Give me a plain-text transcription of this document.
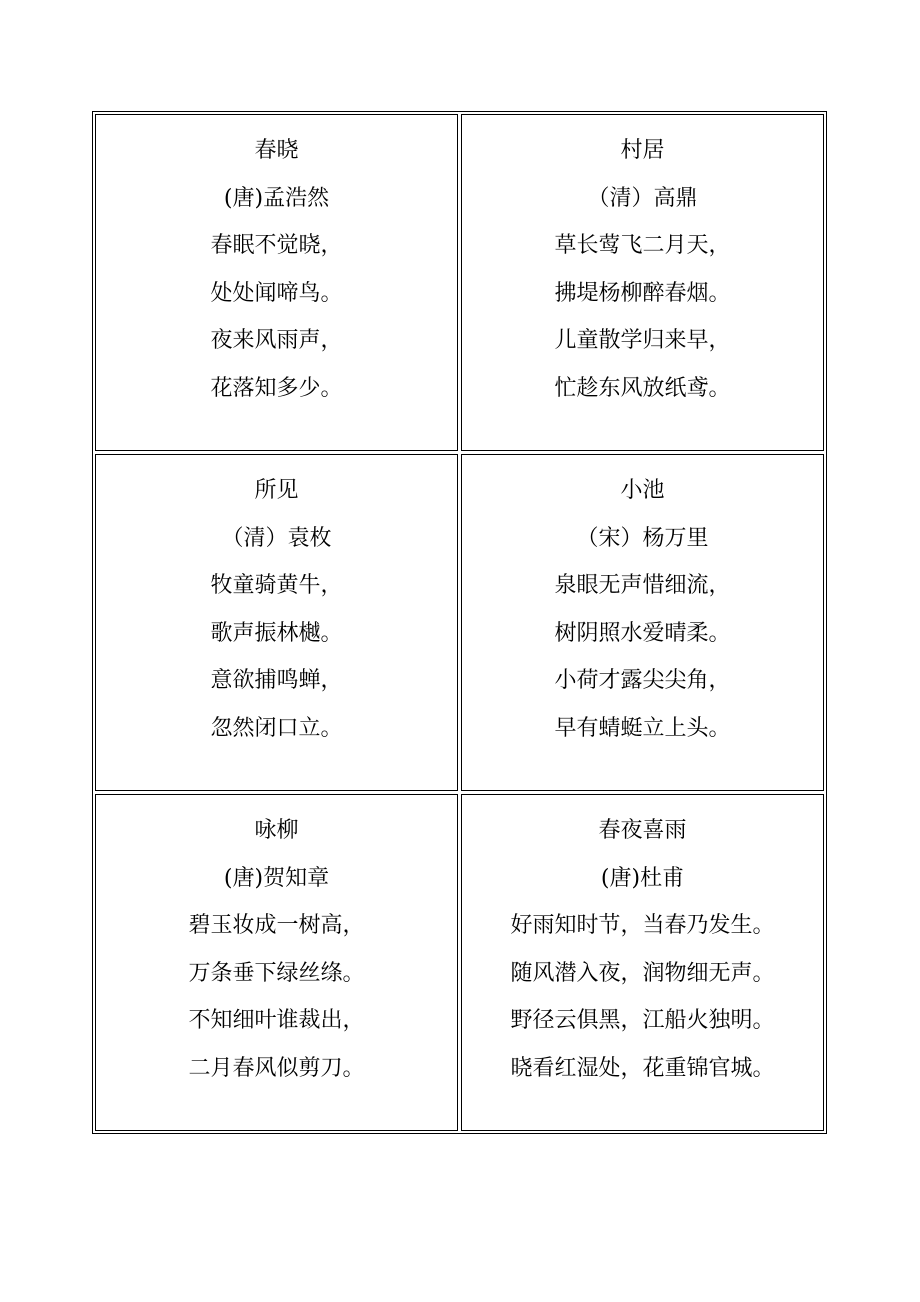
春晓
(唐)孟浩然
春眠不觉晓，
处处闻啼鸟。
夜来风雨声，
花落知多少。
村居
（清）高鼎
草长莺飞二月天，
拂堤杨柳醉春烟。
儿童散学归来早，
忙趁东风放纸鸢。
所见
（清）袁枚
牧童骑黄牛，
歌声振林樾。
意欲捕鸣蝉，
忽然闭口立。
小池
（宋）杨万里
泉眼无声惜细流，
树阴照水爱晴柔。
小荷才露尖尖角，
早有蜻蜓立上头。
咏柳
(唐)贺知章
碧玉妆成一树高，
万条垂下绿丝绦。
不知细叶谁裁出，
二月春风似剪刀。
春夜喜雨
(唐)杜甫
好雨知时节，当春乃发生。
随风潜入夜，润物细无声。
野径云俱黑，江船火独明。
晓看红湿处，花重锦官城。
